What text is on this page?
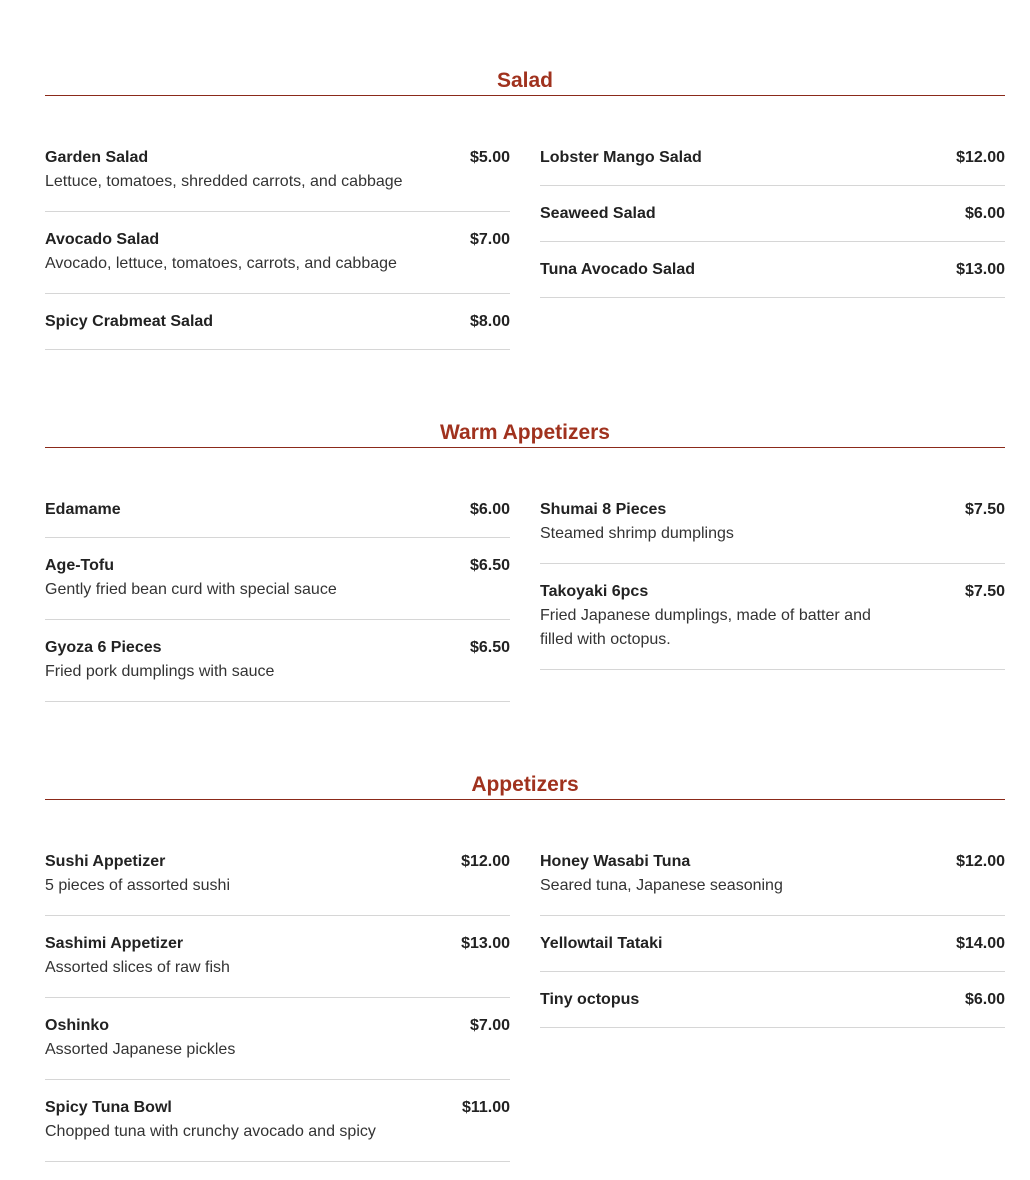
Salad
Garden Salad	$5.00
Lettuce, tomatoes, shredded carrots, and cabbage
Avocado Salad	$7.00
Avocado, lettuce, tomatoes, carrots, and cabbage
Spicy Crabmeat Salad	$8.00
Lobster Mango Salad	$12.00
Seaweed Salad	$6.00
Tuna Avocado Salad	$13.00
Warm Appetizers
Edamame	$6.00
Age-Tofu	$6.50
Gently fried bean curd with special sauce
Gyoza 6 Pieces	$6.50
Fried pork dumplings with sauce
Shumai 8 Pieces	$7.50
Steamed shrimp dumplings
Takoyaki 6pcs	$7.50
Fried Japanese dumplings, made of batter and filled with octopus.
Appetizers
Sushi Appetizer	$12.00
5 pieces of assorted sushi
Sashimi Appetizer	$13.00
Assorted slices of raw fish
Oshinko	$7.00
Assorted Japanese pickles
Spicy Tuna Bowl	$11.00
Chopped tuna with crunchy avocado and spicy
Honey Wasabi Tuna	$12.00
Seared tuna, Japanese seasoning
Yellowtail Tataki	$14.00
Tiny octopus	$6.00
